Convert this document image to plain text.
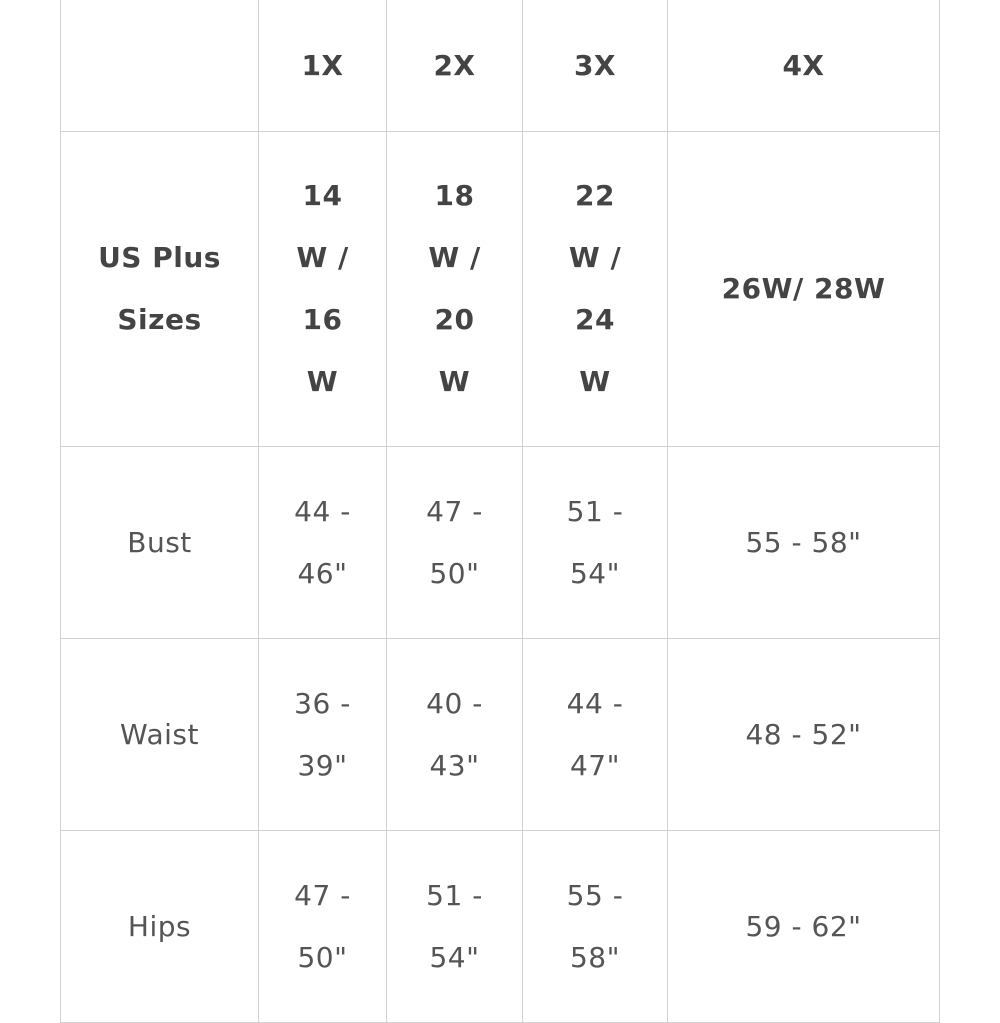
	1X	2X	3X	4X
US Plus Sizes	14 W / 16 W	18 W / 20 W	22W / 24W	26W/ 28W
Bust	44 - 46"	47 - 50"	51 - 54"	55 - 58"
Waist	36 - 39"	40 - 43"	44 - 47"	48 - 52"
Hips	47 - 50"	51 - 54"	55 - 58"	59 - 62"
